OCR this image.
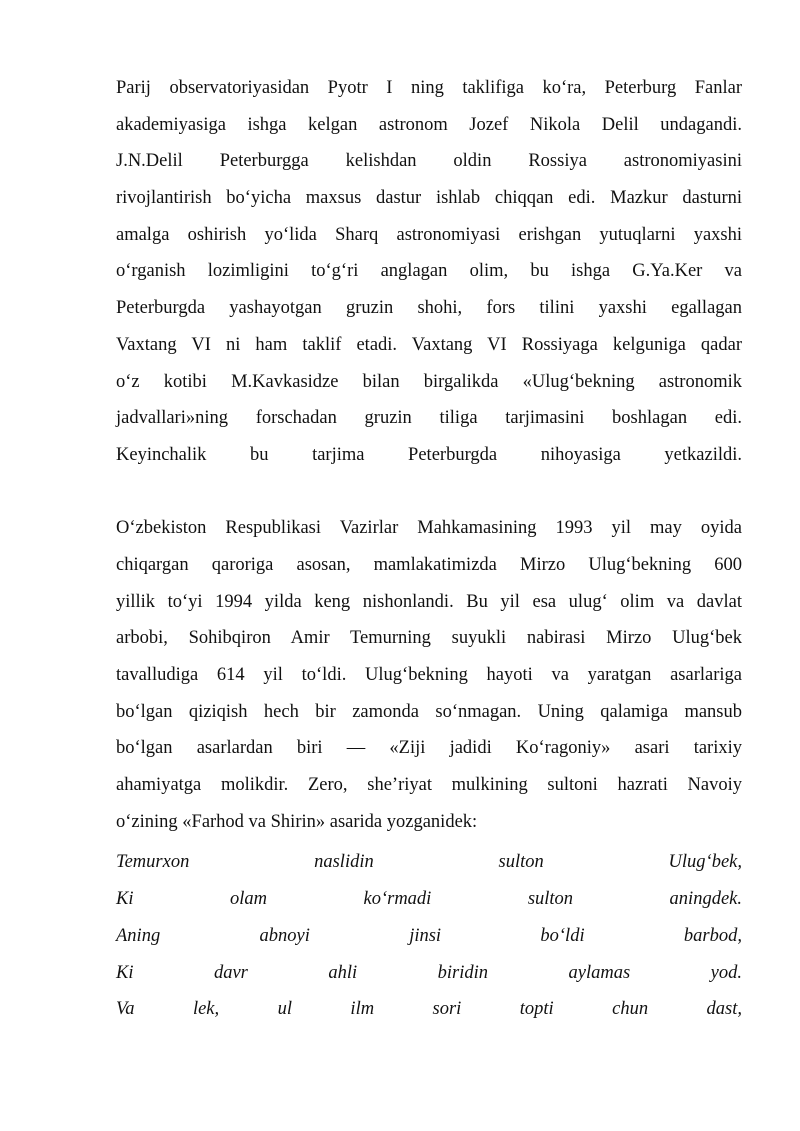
Parij observatoriyasidan Pyotr I ning taklifiga ko‘ra, Peterburg Fanlar
akademiyasiga ishga kelgan astronom Jozef Nikola Delil undagandi.
J.N.Delil Peterburgga kelishdan oldin Rossiya astronomiyasini
rivojlantirish bo‘yicha maxsus dastur ishlab chiqqan edi. Mazkur dasturni
amalga oshirish yo‘lida Sharq astronomiyasi erishgan yutuqlarni yaxshi
o‘rganish lozimligini to‘g‘ri anglagan olim, bu ishga G.Ya.Ker va
Peterburgda yashayotgan gruzin shohi, fors tilini yaxshi egallagan
Vaxtang VI ni ham taklif etadi. Vaxtang VI Rossiyaga kelguniga qadar
o‘z kotibi M.Kavkasidze bilan birgalikda «Ulug‘bekning astronomik
jadvallari»ning forschadan gruzin tiliga tarjimasini boshlagan edi.
Keyinchalik bu tarjima Peterburgda nihoyasiga yetkazildi.
O‘zbekiston Respublikasi Vazirlar Mahkamasining 1993 yil may oyida
chiqargan qaroriga asosan, mamlakatimizda Mirzo Ulug‘bekning 600
yillik to‘yi 1994 yilda keng nishonlandi. Bu yil esa ulug‘ olim va davlat
arbobi, Sohibqiron Amir Temurning suyukli nabirasi Mirzo Ulug‘bek
tavalludiga 614 yil to‘ldi. Ulug‘bekning hayoti va yaratgan asarlariga
bo‘lgan qiziqish hech bir zamonda so‘nmagan. Uning qalamiga mansub
bo‘lgan asarlardan biri — «Ziji jadidi Ko‘ragoniy» asari tarixiy
ahamiyatga molikdir. Zero, she’riyat mulkining sultoni hazrati Navoiy
o‘zining «Farhod va Shirin» asarida yozganidek:
Temurxon naslidin sulton Ulug‘bek,
Ki olam ko‘rmadi sulton aningdek.
Aning abnoyi jinsi bo‘ldi barbod,
Ki davr ahli biridin aylamas yod.
Va lek, ul ilm sori topti chun dast,
